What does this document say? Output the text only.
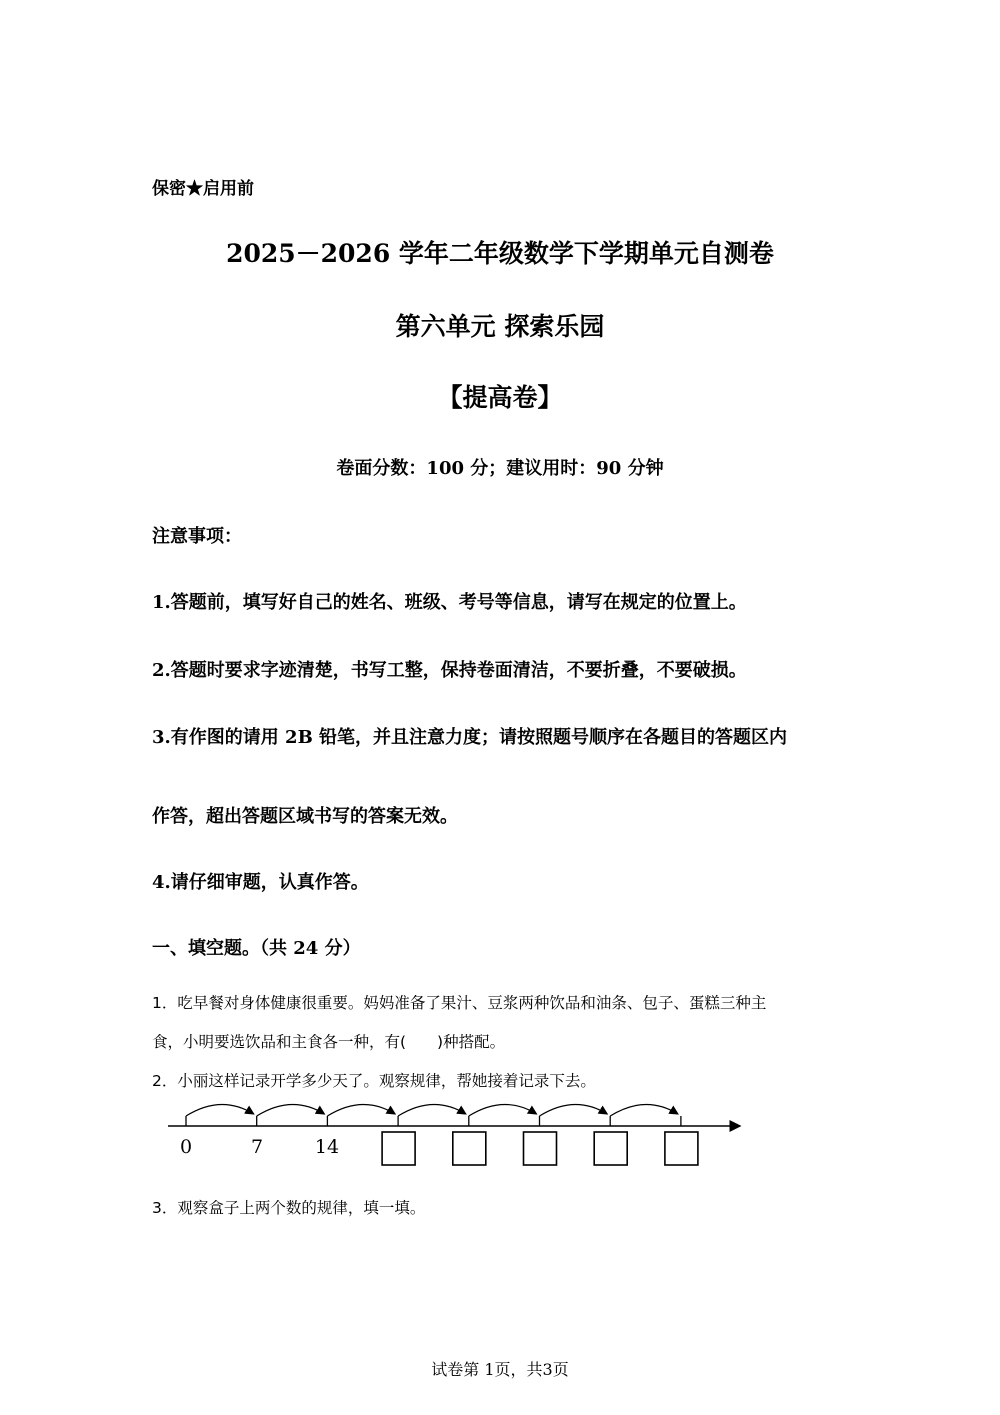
保密★启用前

2025－2026 学年二年级数学下学期单元自测卷

第六单元 探索乐园

【提高卷】

卷面分数：100 分；建议用时：90 分钟

注意事项：

1.答题前，填写好自己的姓名、班级、考号等信息，请写在规定的位置上。

2.答题时要求字迹清楚，书写工整，保持卷面清洁，不要折叠，不要破损。

3.有作图的请用 2B 铅笔，并且注意力度；请按照题号顺序在各题目的答题区内

作答，超出答题区域书写的答案无效。

4.请仔细审题，认真作答。

一、填空题。（共 24 分）

1．吃早餐对身体健康很重要。妈妈准备了果汁、豆浆两种饮品和油条、包子、蛋糕三种主

食，小明要选饮品和主食各一种，有(　　)种搭配。

2．小丽这样记录开学多少天了。观察规律，帮她接着记录下去。

0	7	14

3．观察盒子上两个数的规律，填一填。

试卷第 1页，共3页
